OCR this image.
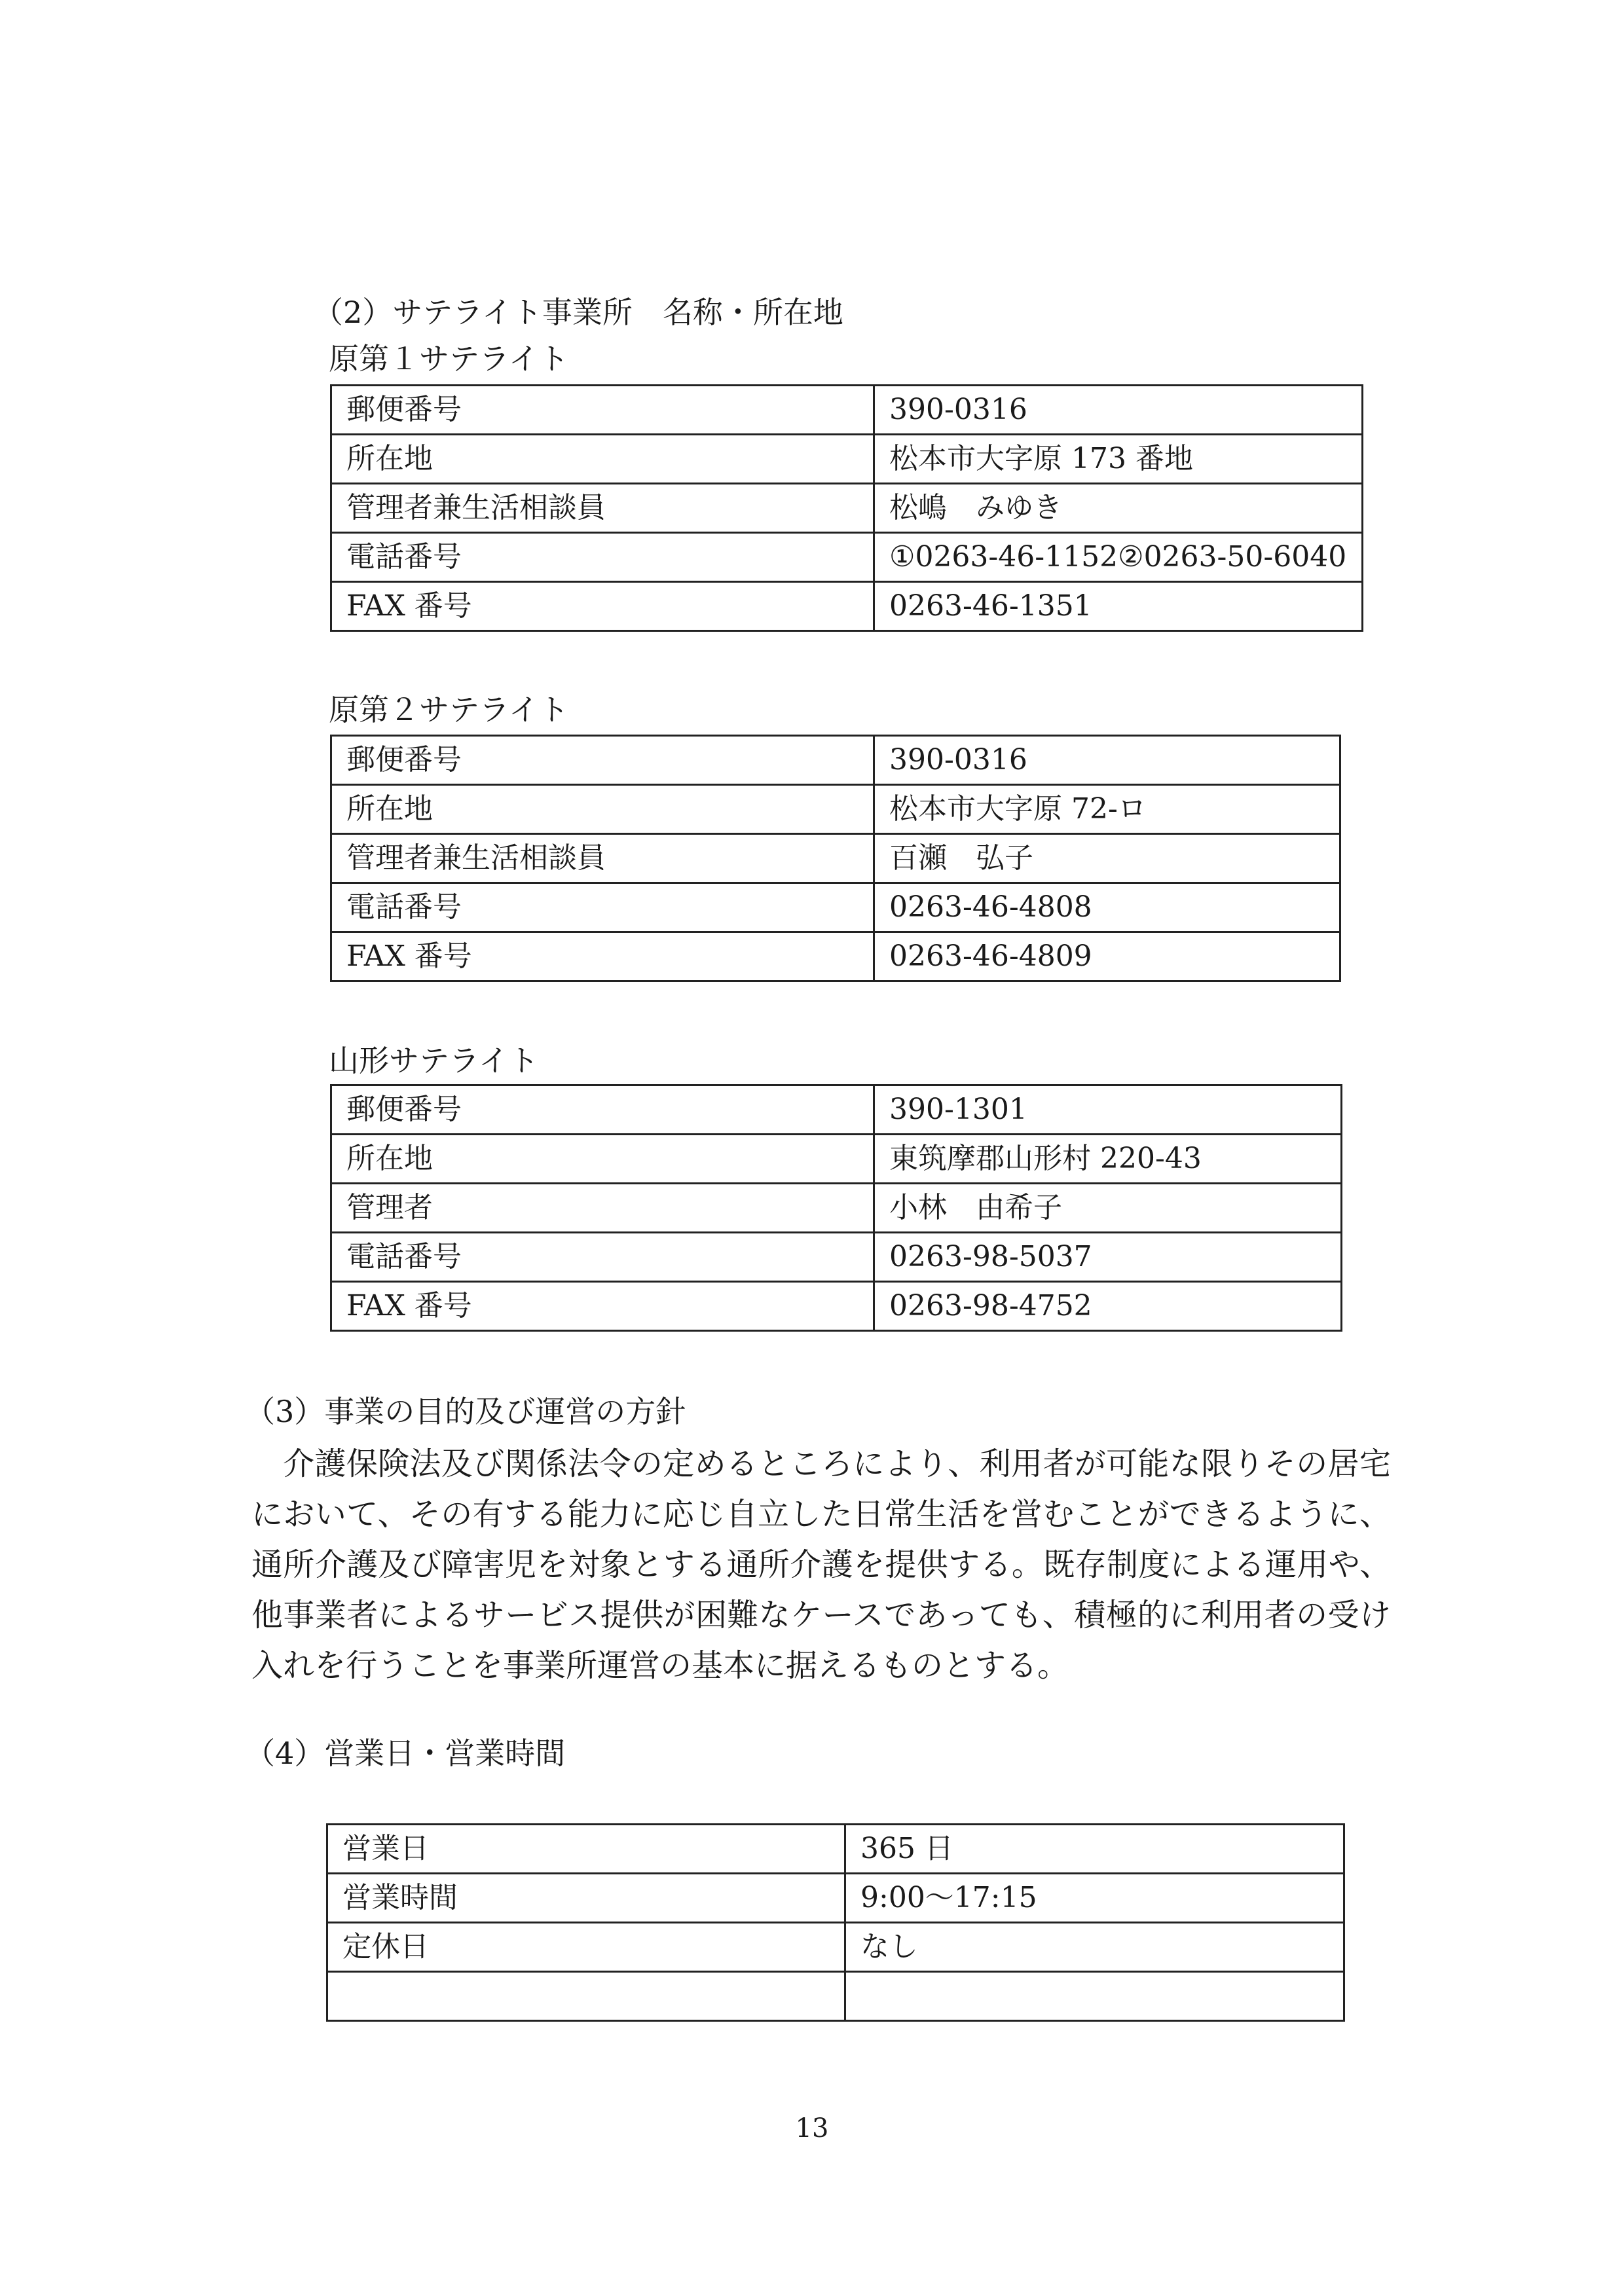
（2）サテライト事業所　名称・所在地
原第１サテライト
郵便番号	390-0316
所在地	松本市大字原 173 番地
管理者兼生活相談員	松嶋　みゆき
電話番号	①0263-46-1152②0263-50-6040
FAX 番号	0263-46-1351
原第２サテライト
郵便番号	390-0316
所在地	松本市大字原 72-ロ
管理者兼生活相談員	百瀬　弘子
電話番号	0263-46-4808
FAX 番号	0263-46-4809
山形サテライト
郵便番号	390-1301
所在地	東筑摩郡山形村 220-43
管理者	小林　由希子
電話番号	0263-98-5037
FAX 番号	0263-98-4752
（3）事業の目的及び運営の方針

介護保険法及び関係法令の定めるところにより、利用者が可能な限りその居宅において、その有する能力に応じ自立した日常生活を営むことができるように、通所介護及び障害児を対象とする通所介護を提供する。既存制度による運用や、他事業者によるサービス提供が困難なケースであっても、積極的に利用者の受け入れを行うことを事業所運営の基本に据えるものとする。

（4）営業日・営業時間
営業日	365 日
営業時間	9:00～17:15
定休日	なし

13
